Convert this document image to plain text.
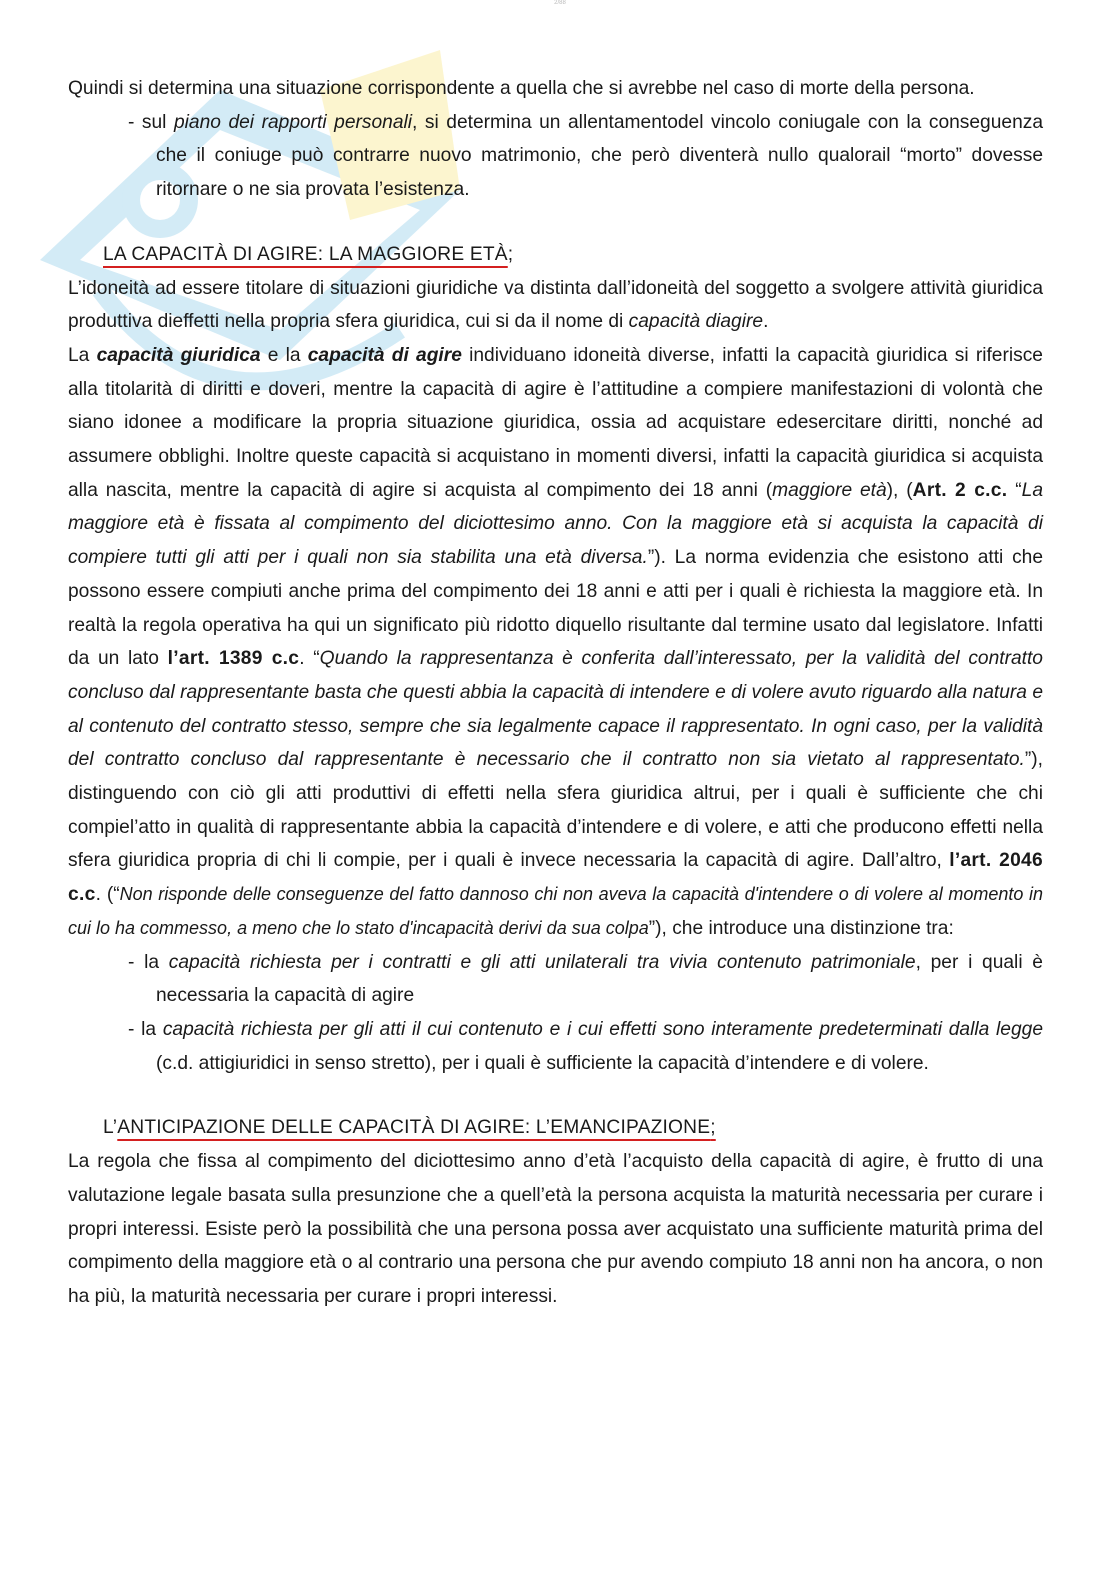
2/88

Quindi si determina una situazione corrispondente a quella che si avrebbe nel caso di morte della persona.

- sul piano dei rapporti personali, si determina un allentamentodel vincolo coniugale con la conseguenza che il coniuge può contrarre nuovo matrimonio, che però diventerà nullo qualorail “morto” dovesse ritornare o ne sia provata l’esistenza.

LA CAPACITÀ DI AGIRE: LA MAGGIORE ETÀ;

L’idoneità ad essere titolare di situazioni giuridiche va distinta dall’idoneità del soggetto a svolgere attività giuridica produttiva dieffetti nella propria sfera giuridica, cui si da il nome di capacità diagire.

La capacità giuridica e la capacità di agire individuano idoneità diverse, infatti la capacità giuridica si riferisce alla titolarità di diritti e doveri, mentre la capacità di agire è l’attitudine a compiere manifestazioni di volontà che siano idonee a modificare la propria situazione giuridica, ossia ad acquistare edesercitare diritti, nonché ad assumere obblighi. Inoltre queste capacità si acquistano in momenti diversi, infatti la capacità giuridica si acquista alla nascita, mentre la capacità di agire si acquista al compimento dei 18 anni (maggiore età), (Art. 2 c.c. “La maggiore età è fissata al compimento del diciottesimo anno. Con la maggiore età si acquista la capacità di compiere tutti gli atti per i quali non sia stabilita una età diversa.”). La norma evidenzia che esistono atti che possono essere compiuti anche prima del compimento dei 18 anni e atti per i quali è richiesta la maggiore età. In realtà la regola operativa ha qui un significato più ridotto diquello risultante dal termine usato dal legislatore. Infatti da un lato l’art. 1389 c.c. “Quando la rappresentanza è conferita dall’interessato, per la validità del contratto concluso dal rappresentante basta che questi abbia la capacità di intendere e di volere avuto riguardo alla natura e al contenuto del contratto stesso, sempre che sia legalmente capace il rappresentato. In ogni caso, per la validità del contratto concluso dal rappresentante è necessario che il contratto non sia vietato al rappresentato.”), distinguendo con ciò gli atti produttivi di effetti nella sfera giuridica altrui, per i quali è sufficiente che chi compiel’atto in qualità di rappresentante abbia la capacità d’intendere e di volere, e atti che producono effetti nella sfera giuridica propria di chi li compie, per i quali è invece necessaria la capacità di agire. Dall’altro, l’art. 2046 c.c. (“Non risponde delle conseguenze del fatto dannoso chi non aveva la capacità d'intendere o di volere al momento in cui lo ha commesso, a meno che lo stato d'incapacità derivi da sua colpa”), che introduce una distinzione tra:

- la capacità richiesta per i contratti e gli atti unilaterali tra vivia contenuto patrimoniale, per i quali è necessaria la capacità di agire

- la capacità richiesta per gli atti il cui contenuto e i cui effetti sono interamente predeterminati dalla legge (c.d. attigiuridici in senso stretto), per i quali è sufficiente la capacità d’intendere e di volere.

L’ANTICIPAZIONE DELLE CAPACITÀ DI AGIRE: L’EMANCIPAZIONE;

La regola che fissa al compimento del diciottesimo anno d’età l’acquisto della capacità di agire, è frutto di una valutazione legale basata sulla presunzione che a quell’età la persona acquista la maturità necessaria per curare i propri interessi. Esiste però la possibilità che una persona possa aver acquistato una sufficiente maturità prima del compimento della maggiore età o al contrario una persona che pur avendo compiuto 18 anni non ha ancora, o non ha più, la maturità necessaria per curare i propri interessi.
